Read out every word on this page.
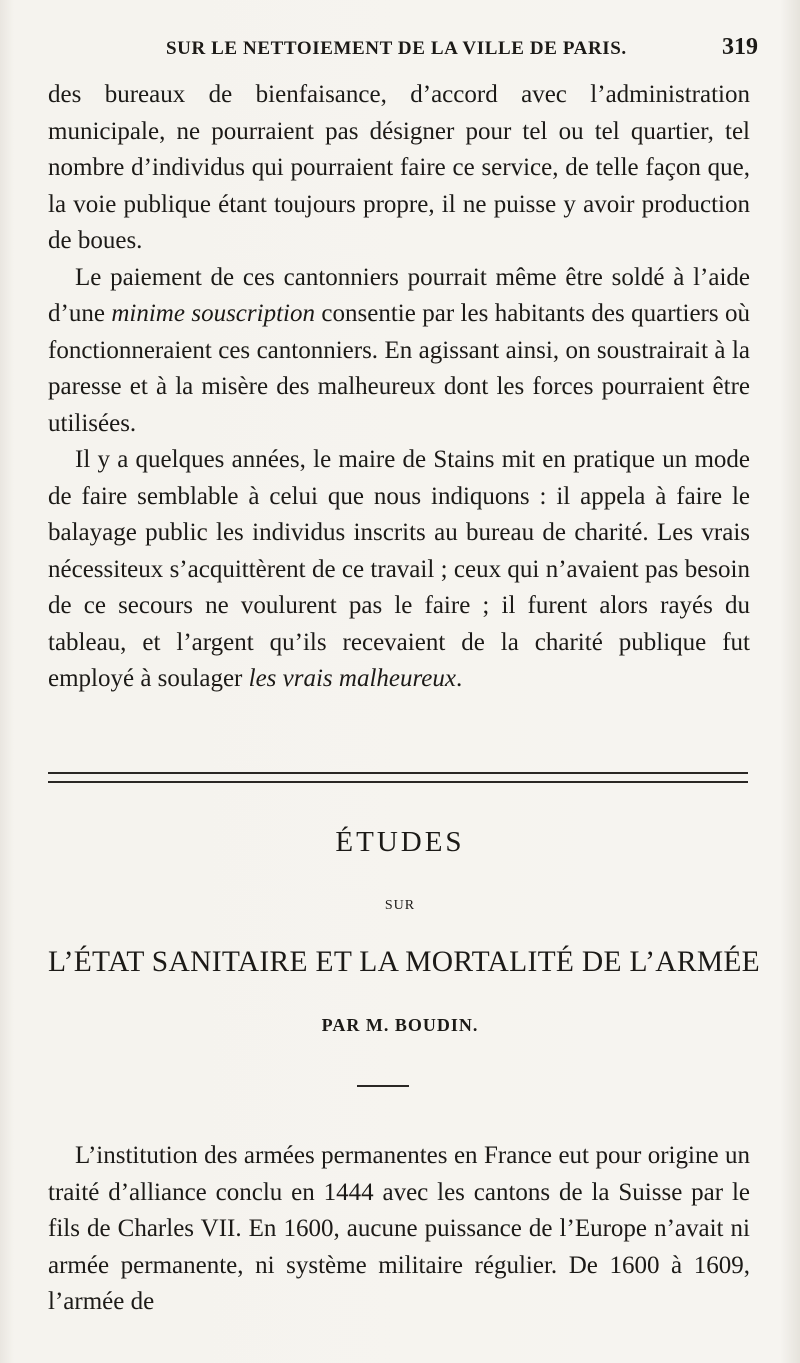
SUR LE NETTOIEMENT DE LA VILLE DE PARIS.	319

des bureaux de bienfaisance, d’accord avec l’administration municipale, ne pourraient pas désigner pour tel ou tel quartier, tel nombre d’individus qui pourraient faire ce service, de telle façon que, la voie publique étant toujours propre, il ne puisse y avoir production de boues.

Le paiement de ces cantonniers pourrait même être soldé à l’aide d’une minime souscription consentie par les habitants des quartiers où fonctionneraient ces cantonniers. En agissant ainsi, on soustrairait à la paresse et à la misère des malheureux dont les forces pourraient être utilisées.

Il y a quelques années, le maire de Stains mit en pratique un mode de faire semblable à celui que nous indiquons : il appela à faire le balayage public les individus inscrits au bureau de charité. Les vrais nécessiteux s’acquittèrent de ce travail ; ceux qui n’avaient pas besoin de ce secours ne voulurent pas le faire ; il furent alors rayés du tableau, et l’argent qu’ils recevaient de la charité publique fut employé à soulager les vrais malheureux.

ÉTUDES
SUR
L’ÉTAT SANITAIRE ET LA MORTALITÉ DE L’ARMÉE
PAR M. BOUDIN.

L’institution des armées permanentes en France eut pour origine un traité d’alliance conclu en 1444 avec les cantons de la Suisse par le fils de Charles VII. En 1600, aucune puissance de l’Europe n’avait ni armée permanente, ni système militaire régulier. De 1600 à 1609, l’armée de
